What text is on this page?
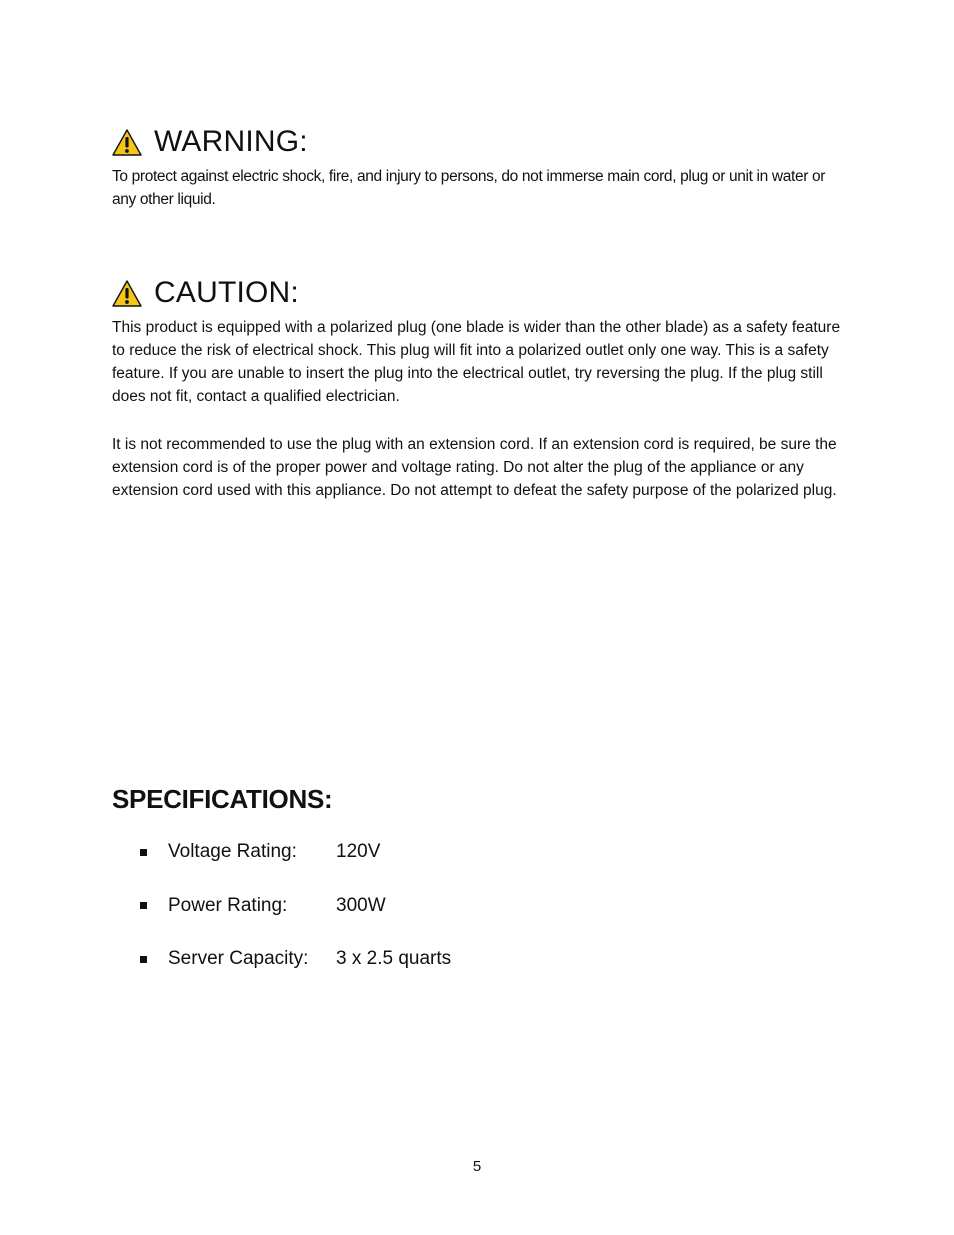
WARNING:

To protect against electric shock, fire, and injury to persons, do not immerse main cord, plug or unit in water or any other liquid.

CAUTION:

This product is equipped with a polarized plug (one blade is wider than the other blade) as a safety feature to reduce the risk of electrical shock. This plug will fit into a polarized outlet only one way. This is a safety feature. If you are unable to insert the plug into the electrical outlet, try reversing the plug. If the plug still does not fit, contact a qualified electrician.

It is not recommended to use the plug with an extension cord. If an extension cord is required, be sure the extension cord is of the proper power and voltage rating. Do not alter the plug of the appliance or any extension cord used with this appliance. Do not attempt to defeat the safety purpose of the polarized plug.

SPECIFICATIONS:
Voltage Rating:	120V
Power Rating:	300W
Server Capacity:	3 x 2.5 quarts
5
